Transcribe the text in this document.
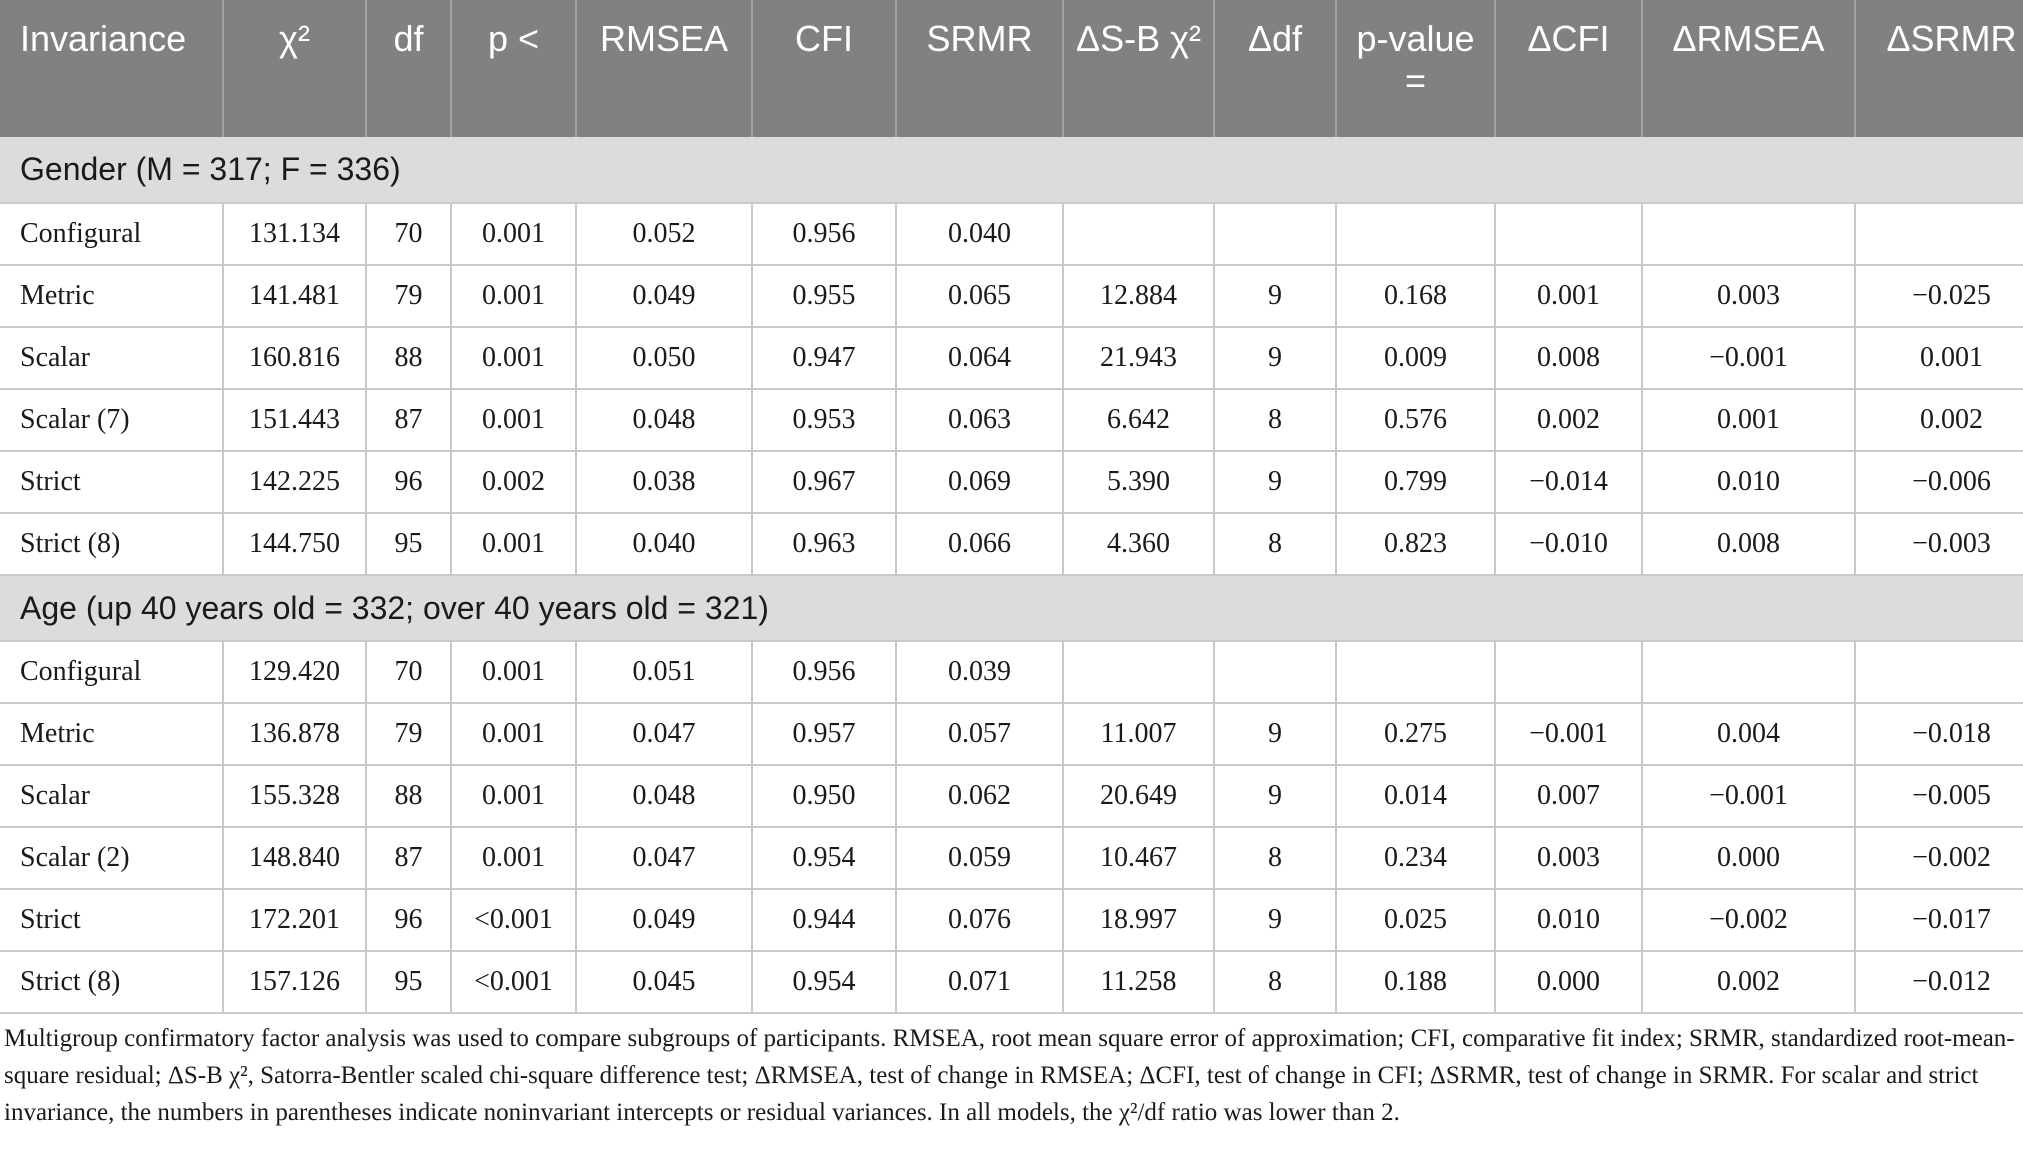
Invariance	χ²	df	p <	RMSEA	CFI	SRMR	ΔS-B χ²	Δdf	p-value =	ΔCFI	ΔRMSEA	ΔSRMR
Gender (M = 317; F = 336)												
Configural	131.134	70	0.001	0.052	0.956	0.040						
Metric	141.481	79	0.001	0.049	0.955	0.065	12.884	9	0.168	0.001	0.003	−0.025
Scalar	160.816	88	0.001	0.050	0.947	0.064	21.943	9	0.009	0.008	−0.001	0.001
Scalar (7)	151.443	87	0.001	0.048	0.953	0.063	6.642	8	0.576	0.002	0.001	0.002
Strict	142.225	96	0.002	0.038	0.967	0.069	5.390	9	0.799	−0.014	0.010	−0.006
Strict (8)	144.750	95	0.001	0.040	0.963	0.066	4.360	8	0.823	−0.010	0.008	−0.003
Age (up 40 years old = 332; over 40 years old = 321)												
Configural	129.420	70	0.001	0.051	0.956	0.039						
Metric	136.878	79	0.001	0.047	0.957	0.057	11.007	9	0.275	−0.001	0.004	−0.018
Scalar	155.328	88	0.001	0.048	0.950	0.062	20.649	9	0.014	0.007	−0.001	−0.005
Scalar (2)	148.840	87	0.001	0.047	0.954	0.059	10.467	8	0.234	0.003	0.000	−0.002
Strict	172.201	96	<0.001	0.049	0.944	0.076	18.997	9	0.025	0.010	−0.002	−0.017
Strict (8)	157.126	95	<0.001	0.045	0.954	0.071	11.258	8	0.188	0.000	0.002	−0.012

Multigroup confirmatory factor analysis was used to compare subgroups of participants. RMSEA, root mean square error of approximation; CFI, comparative fit index; SRMR, standardized root-mean-square residual; ΔS-B χ², Satorra-Bentler scaled chi-square difference test; ΔRMSEA, test of change in RMSEA; ΔCFI, test of change in CFI; ΔSRMR, test of change in SRMR. For scalar and strict invariance, the numbers in parentheses indicate noninvariant intercepts or residual variances. In all models, the χ²/df ratio was lower than 2.
